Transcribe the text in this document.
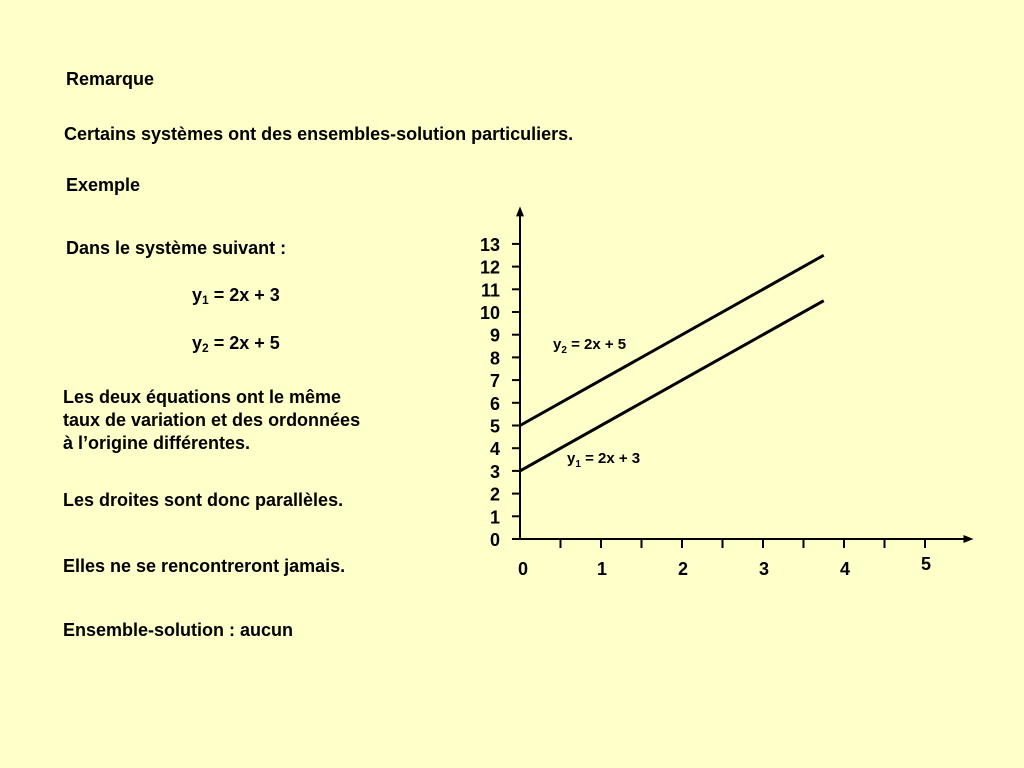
Remarque
Certains systèmes ont des ensembles-solution particuliers.
Exemple
Dans le système suivant :
$y_1 = 2x + 3$
$y_2 = 2x + 5$
Les deux équations ont le même
taux de variation et des ordonnées
à l’origine différentes.
Les droites sont donc parallèles.
Elles ne se rencontreront jamais.
Ensemble-solution : aucun
0
1
2
3
4
5
6
7
8
9
10
11
12
13
0	1	2	3	4	5
$y_2 = 2x + 5$
$y_1 = 2x + 3$
